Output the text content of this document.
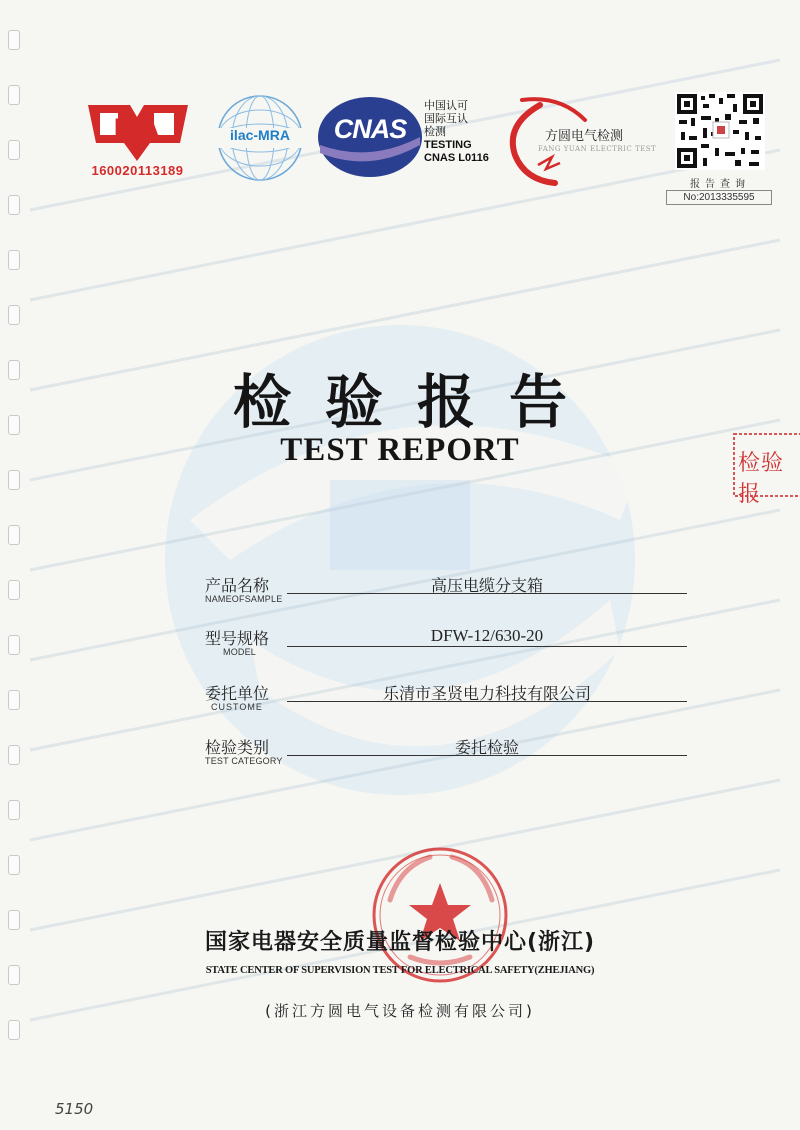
MA
160020113189
ilac-MRA	CNAS
中国认可
国际互认
检测
TESTING
CNAS L0116
方圆电气检测
FANG YUAN ELECTRIC TEST
报告查询
No:2013335595
检验报告
TEST REPORT	检验报
产品名称
NAMEOFSAMPLE
高压电缆分支箱
型号规格
MODEL
DFW-12/630-20
委托单位
CUSTOME
乐清市圣贤电力科技有限公司
检验类别
TEST CATEGORY
委托检验
国家电器安全质量监督检验中心(浙江)
STATE CENTER OF SUPERVISION TEST FOR ELECTRICAL SAFETY(ZHEJIANG)
(浙江方圆电气设备检测有限公司)
5150
